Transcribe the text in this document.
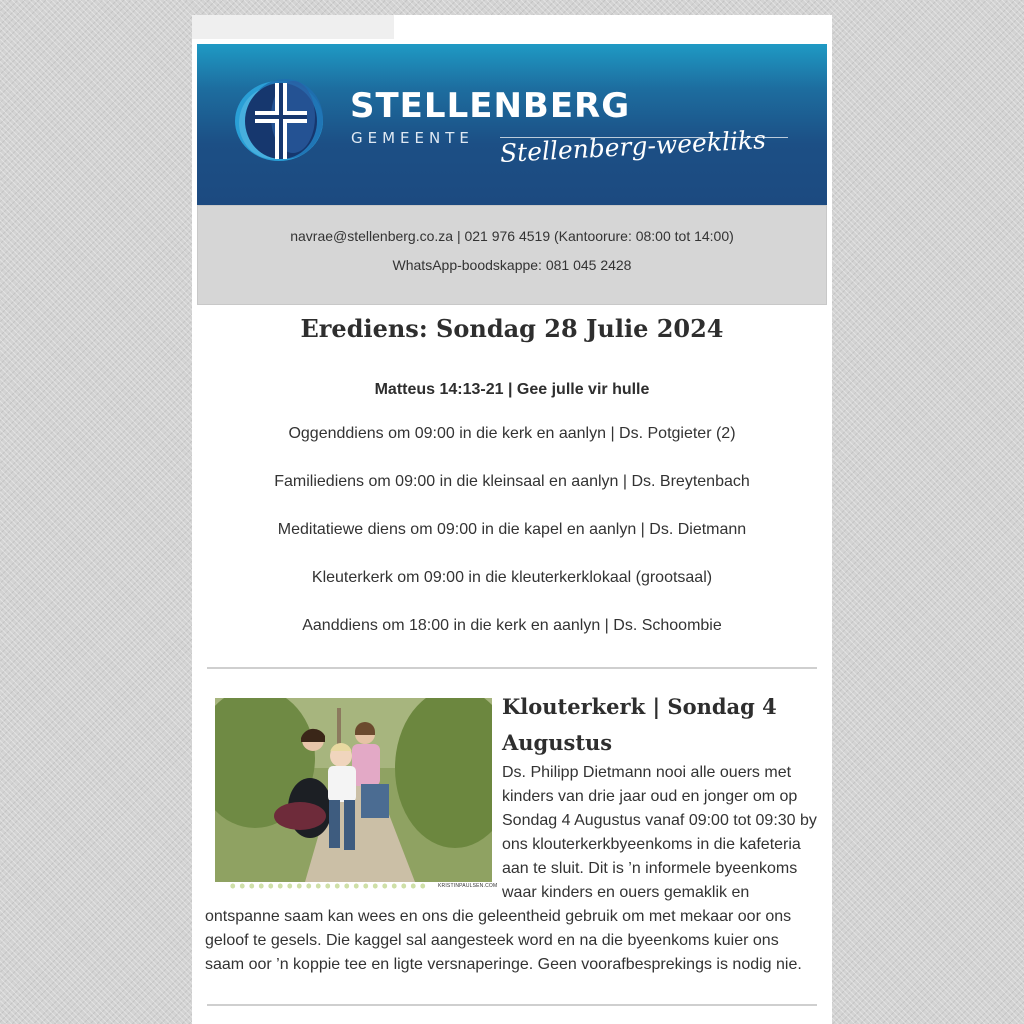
STELLENBERG
GEMEENTE Stellenberg-weekliks
navrae@stellenberg.co.za | 021 976 4519 (Kantoorure: 08:00 tot 14:00)
WhatsApp-boodskappe: 081 045 2428
Erediens: Sondag 28 Julie 2024
Matteus 14:13-21 | Gee julle vir hulle
Oggenddiens om 09:00 in die kerk en aanlyn | Ds. Potgieter (2)
Familiediens om 09:00 in die kleinsaal en aanlyn | Ds. Breytenbach
Meditatiewe diens om 09:00 in die kapel en aanlyn | Ds. Dietmann
Kleuterkerk om 09:00 in die kleuterkerklokaal (grootsaal)
Aanddiens om 18:00 in die kerk en aanlyn | Ds. Schoombie
KRISTINPAULSEN.COM
Klouterkerk | Sondag 4
Augustus
Ds. Philipp Dietmann nooi alle ouers met
kinders van drie jaar oud en jonger om op
Sondag 4 Augustus vanaf 09:00 tot 09:30 by
ons klouterkerkbyeenkoms in die kafeteria
aan te sluit. Dit is ’n informele byeenkoms
waar kinders en ouers gemaklik en
ontspanne saam kan wees en ons die geleentheid gebruik om met mekaar oor ons
geloof te gesels. Die kaggel sal aangesteek word en na die byeenkoms kuier ons
saam oor ’n koppie tee en ligte versnaperinge. Geen voorafbesprekings is nodig nie.
